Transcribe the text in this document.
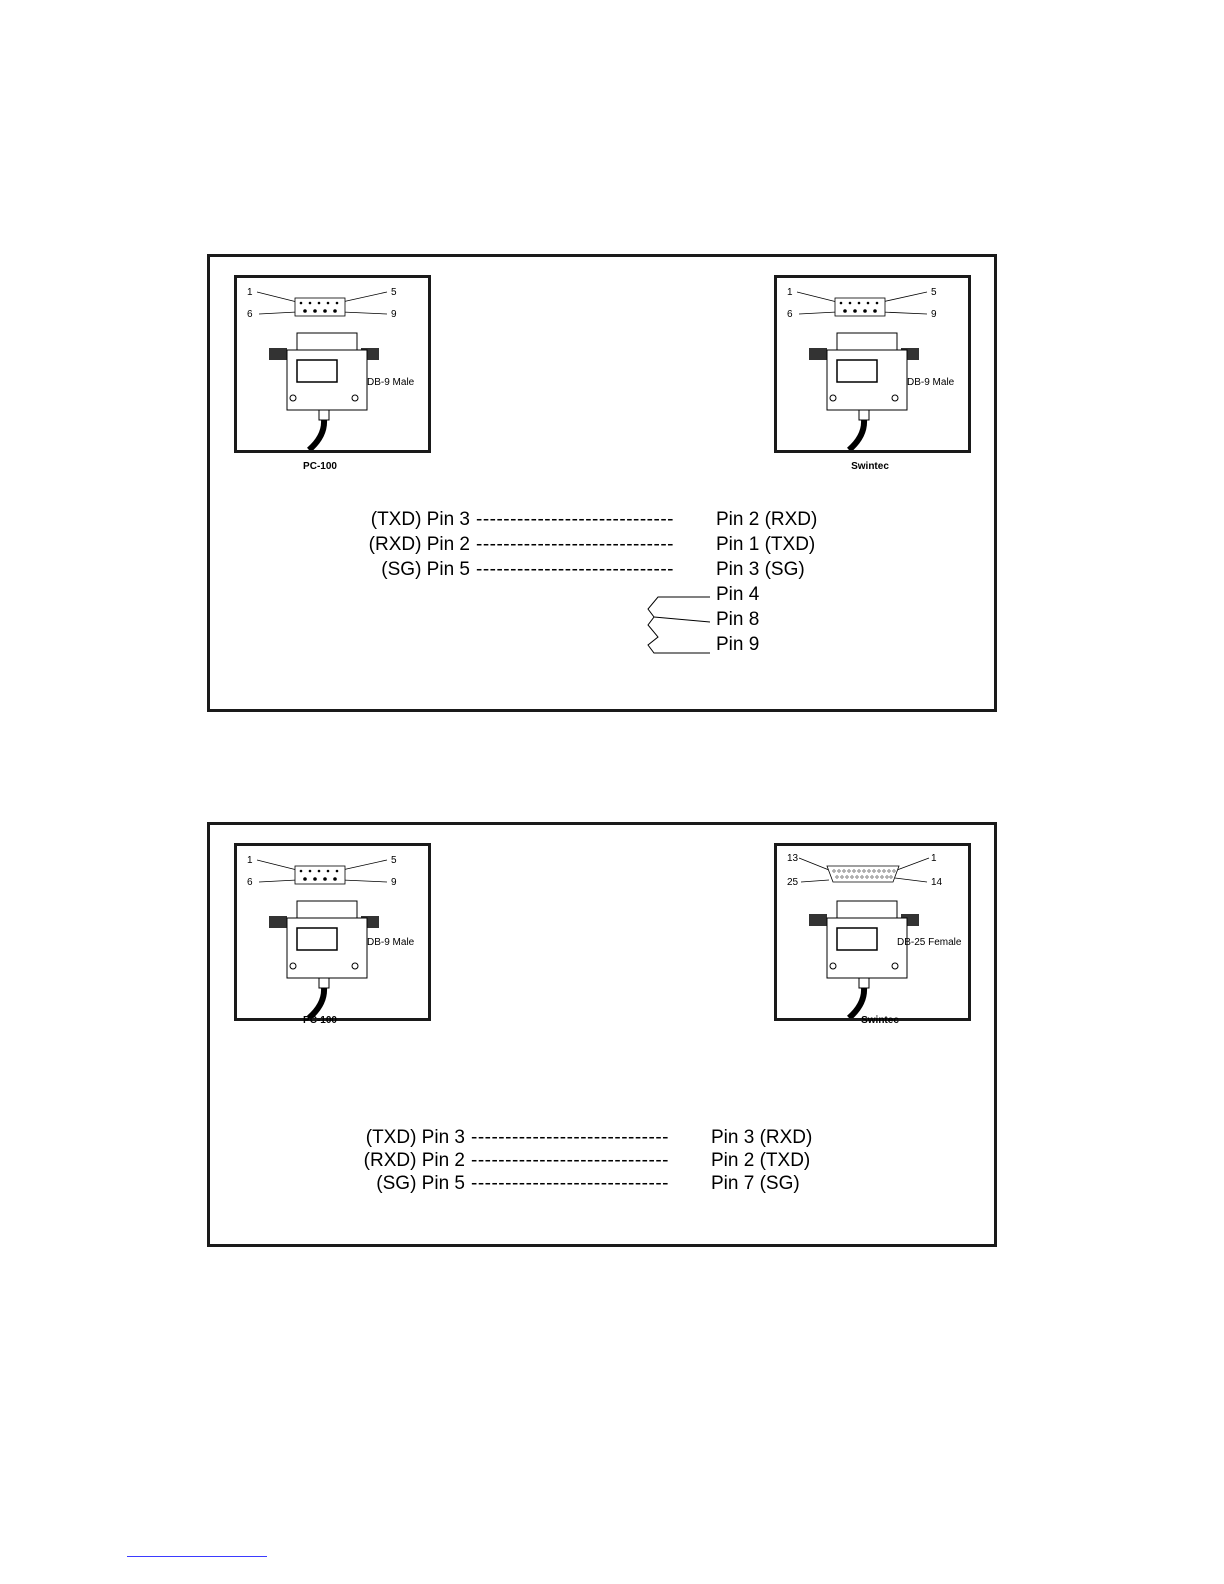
1	5
6	9
DB-9 Male
PC-100
1	5
6	9
DB-9 Male
Swintec
(TXD) Pin 3 ----------------------------- Pin 2 (RXD)
(RXD) Pin 2 ----------------------------- Pin 1 (TXD)
(SG) Pin 5 ----------------------------- Pin 3 (SG)
Pin 4
Pin 8
Pin 9
1	5
6	9
DB-9 Male
PC-100
13	1
25	14
DB-25 Female
Swintec
(TXD) Pin 3 ----------------------------- Pin 3 (RXD)
(RXD) Pin 2 ----------------------------- Pin 2 (TXD)
(SG) Pin 5 ----------------------------- Pin 7 (SG)
